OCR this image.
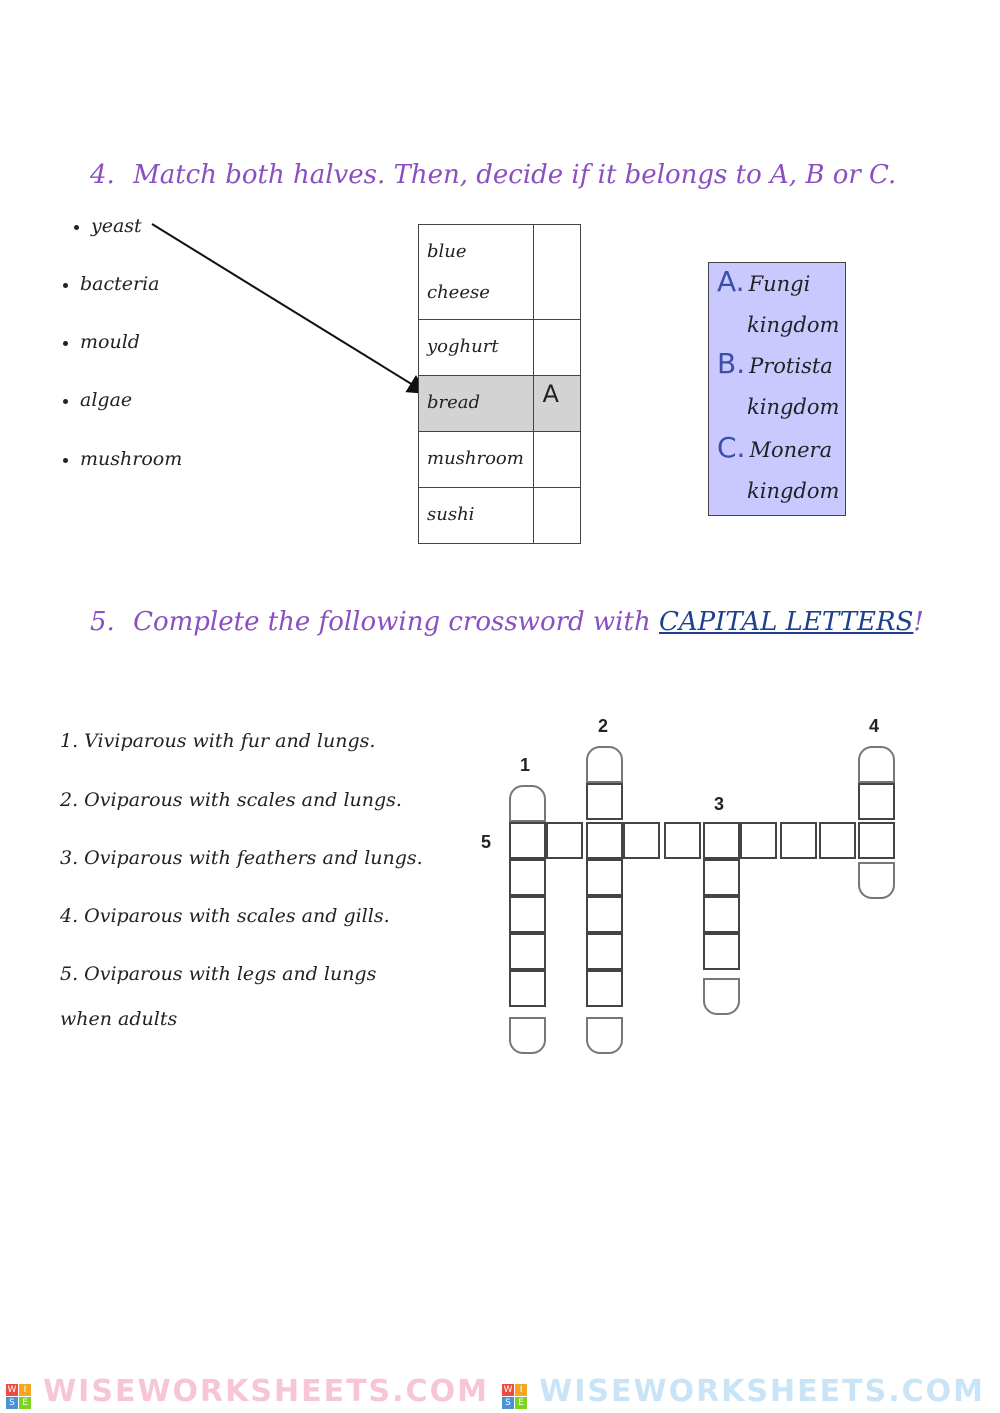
4. Match both halves. Then, decide if it belongs to A, B or C.
yeast
bacteria
mould
algae
mushroom
blue cheese	
yoghurt	
bread	A
mushroom	
sushi	
A. Fungi
kingdom
B. Protista
kingdom
C. Monera
kingdom
5. Complete the following crossword with CAPITAL LETTERS!
1. Viviparous with fur and lungs.
2. Oviparous with scales and lungs.
3. Oviparous with feathers and lungs.
4. Oviparous with scales and gills.
5. Oviparous with legs and lungs
when adults
1
2
3
4
5
W I
S E WISEWORKSHEETS.COM W I
S E WISEWORKSHEETS.COM
